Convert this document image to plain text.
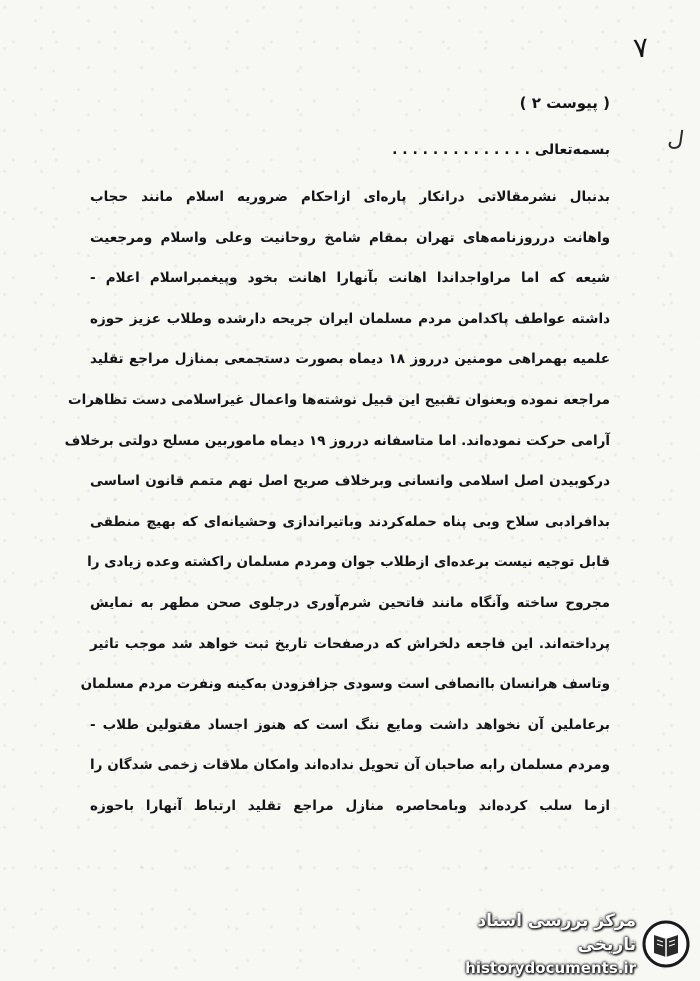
۷
ل
( پیوست ۲ )
بسمه‌تعالی . . . . . . . . . . . . . .
بدنبال نشرمقالاتی درانکار پاره‌ای ازاحکام ضروریه اسلام مانند حجاب
واهانت درروزنامه‌های تهران بمقام شامخ روحانیت وعلی واسلام ومرجعیت
شیعه که اما مراواجداندا اهانت بآنهارا اهانت بخود وپیغمبراسلام اعلام -
داشته عواطف پاکدامن مردم مسلمان ایران جریحه دارشده وطلاب عزیز حوزه
علمیه بهمراهی مومنین درروز ۱۸ دیماه بصورت دستجمعی بمنازل مراجع تقلید
مراجعه نموده وبعنوان تقبیح این قبیل نوشته‌ها واعمال غیراسلامی دست تظاهرات
آرامی حرکت نموده‌اند. اما متاسفانه درروز ۱۹ دیماه ماموربین مسلح دولتی برخلاف
درکوبیدن اصل اسلامی وانسانی وبرخلاف صریح اصل نهم متمم قانون اساسی
بدافرادبی سلاح وبی پناه حمله‌کردند وباتیراندازی وحشیانه‌ای که بهیچ منطقی
قابل توجیه نیست برعده‌ای ازطلاب جوان ومردم مسلمان راکشته وعده زیادی را
مجروح ساخته وآنگاه مانند فاتحین شرم‌آوری درجلوی صحن مطهر به نمایش
پرداخته‌اند. این فاجعه دلخراش که درصفحات تاریخ ثبت خواهد شد موجب تاثیر
وتاسف هرانسان باانصافی است وسودی جزافزودن به‌کینه ونفرت مردم مسلمان
برعاملین آن نخواهد داشت ومایع ننگ است که هنوز اجساد مقتولین طلاب -
ومردم مسلمان رابه صاحبان آن تحویل نداده‌اند وامکان ملاقات زخمی شدگان را
ازما سلب کرده‌اند وبامحاصره منازل مراجع تقلید ارتباط آنهارا باحوزه
مرکز بررسی اسناد تاریخی
historydocuments.ir
